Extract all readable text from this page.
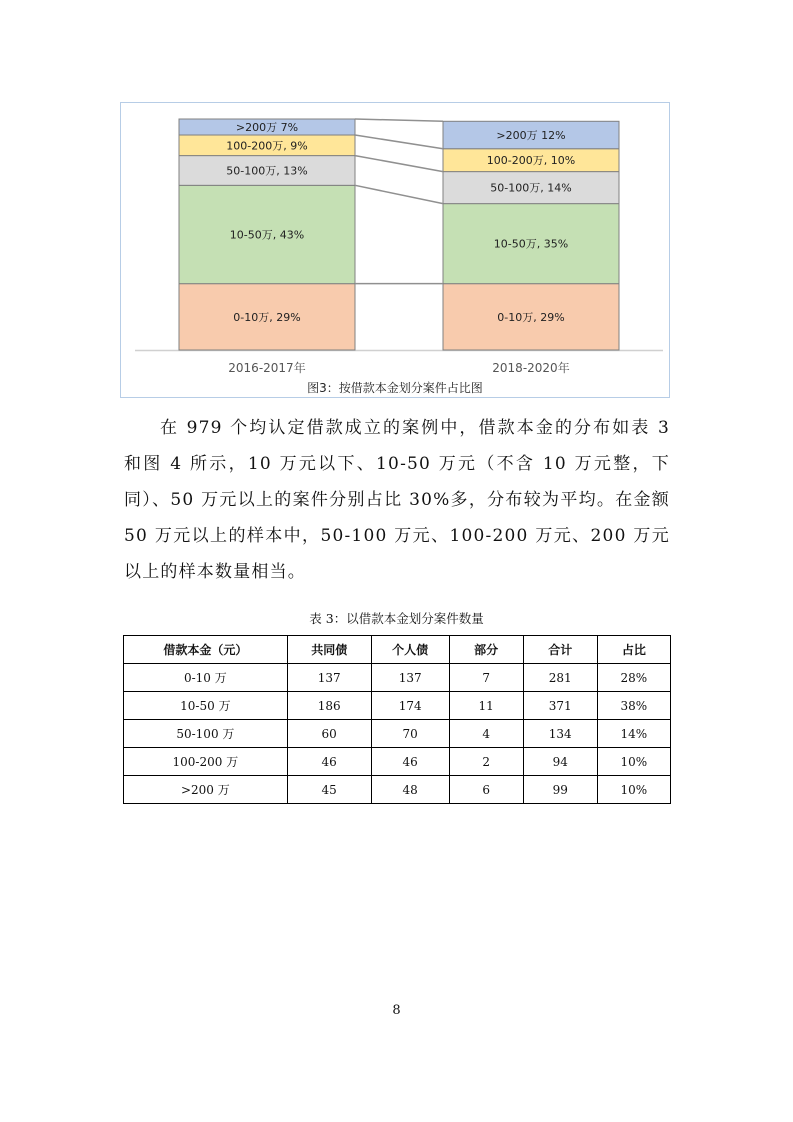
0-10万, 29%
10-50万, 43%
50-100万, 13%
100-200万, 9%
>200万 7%
2016-2017年
0-10万, 29%
10-50万, 35%
50-100万, 14%
100-200万, 10%
>200万 12%
2018-2020年
图3：按借款本金划分案件占比图

在 979 个均认定借款成立的案例中，借款本金的分布如表 3 和图 4 所示，10 万元以下、10-50 万元（不含 10 万元整，下同）、50 万元以上的案件分别占比 30%多，分布较为平均。在金额 50 万元以上的样本中，50-100 万元、100-200 万元、200 万元以上的样本数量相当。

表 3：以借款本金划分案件数量
借款本金（元）	共同债	个人债	部分	合计	占比
0-10 万	137	137	7	281	28%
10-50 万	186	174	11	371	38%
50-100 万	60	70	4	134	14%
100-200 万	46	46	2	94	10%
>200 万	45	48	6	99	10%
8
